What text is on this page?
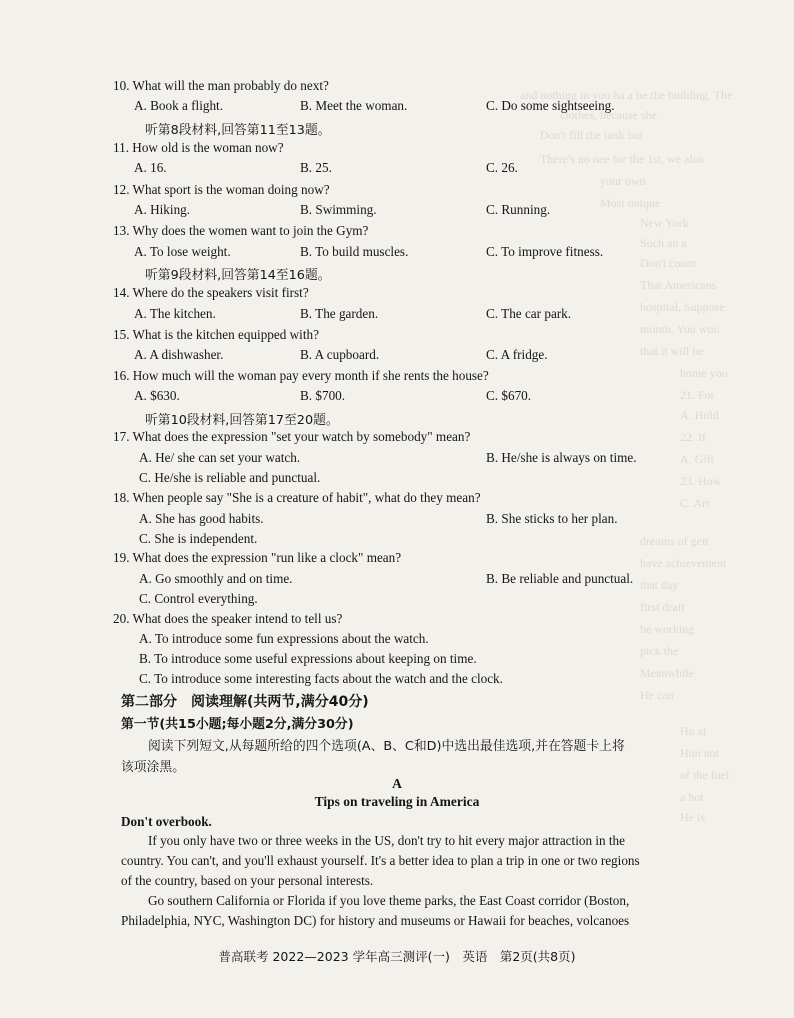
and nothing in you ha a be the building. The
clothes, because she
Don't fill the tank but
There's no nee for the 1st, we also
your own
Most unique
New York
Such an a
Don't count
That Americans
hospital, Suppose
month. You wou
that it will be
home you
21. For
A. Hold
22. If
A. Gift
23. How
C. Arr
dreams of gett
have achievement
that day
first draft
be working
pick the
Meanwhile
He can
Hu at
Hun not
of the fuel
a hot
He is
10. What will the man probably do next?
A. Book a flight.	B. Meet the woman.	C. Do some sightseeing.
听第8段材料,回答第11至13题。
11. How old is the woman now?
A. 16.	B. 25.	C. 26.
12. What sport is the woman doing now?
A. Hiking.	B. Swimming.	C. Running.
13. Why does the women want to join the Gym?
A. To lose weight.	B. To build muscles.	C. To improve fitness.
听第9段材料,回答第14至16题。
14. Where do the speakers visit first?
A. The kitchen.	B. The garden.	C. The car park.
15. What is the kitchen equipped with?
A. A dishwasher.	B. A cupboard.	C. A fridge.
16. How much will the woman pay every month if she rents the house?
A. $630.	B. $700.	C. $670.
听第10段材料,回答第17至20题。
17. What does the expression "set your watch by somebody" mean?
A. He/ she can set your watch.	B. He/she is always on time.
C. He/she is reliable and punctual.
18. When people say "She is a creature of habit", what do they mean?
A. She has good habits.	B. She sticks to her plan.
C. She is independent.
19. What does the expression "run like a clock" mean?
A. Go smoothly and on time.	B. Be reliable and punctual.
C. Control everything.
20. What does the speaker intend to tell us?
A. To introduce some fun expressions about the watch.
B. To introduce some useful expressions about keeping on time.
C. To introduce some interesting facts about the watch and the clock.
第二部分　阅读理解(共两节,满分40分)
第一节(共15小题;每小题2分,满分30分)
阅读下列短文,从每题所给的四个选项(A、B、C和D)中选出最佳选项,并在答题卡上将
该项涂黑。
A
Tips on traveling in America
Don't overbook.
If you only have two or three weeks in the US, don't try to hit every major attraction in the
country. You can't, and you'll exhaust yourself. It's a better idea to plan a trip in one or two regions
of the country, based on your personal interests.
Go southern California or Florida if you love theme parks, the East Coast corridor (Boston,
Philadelphia, NYC, Washington DC) for history and museums or Hawaii for beaches, volcanoes
普高联考 2022—2023 学年高三测评(一)　英语　第2页(共8页)
